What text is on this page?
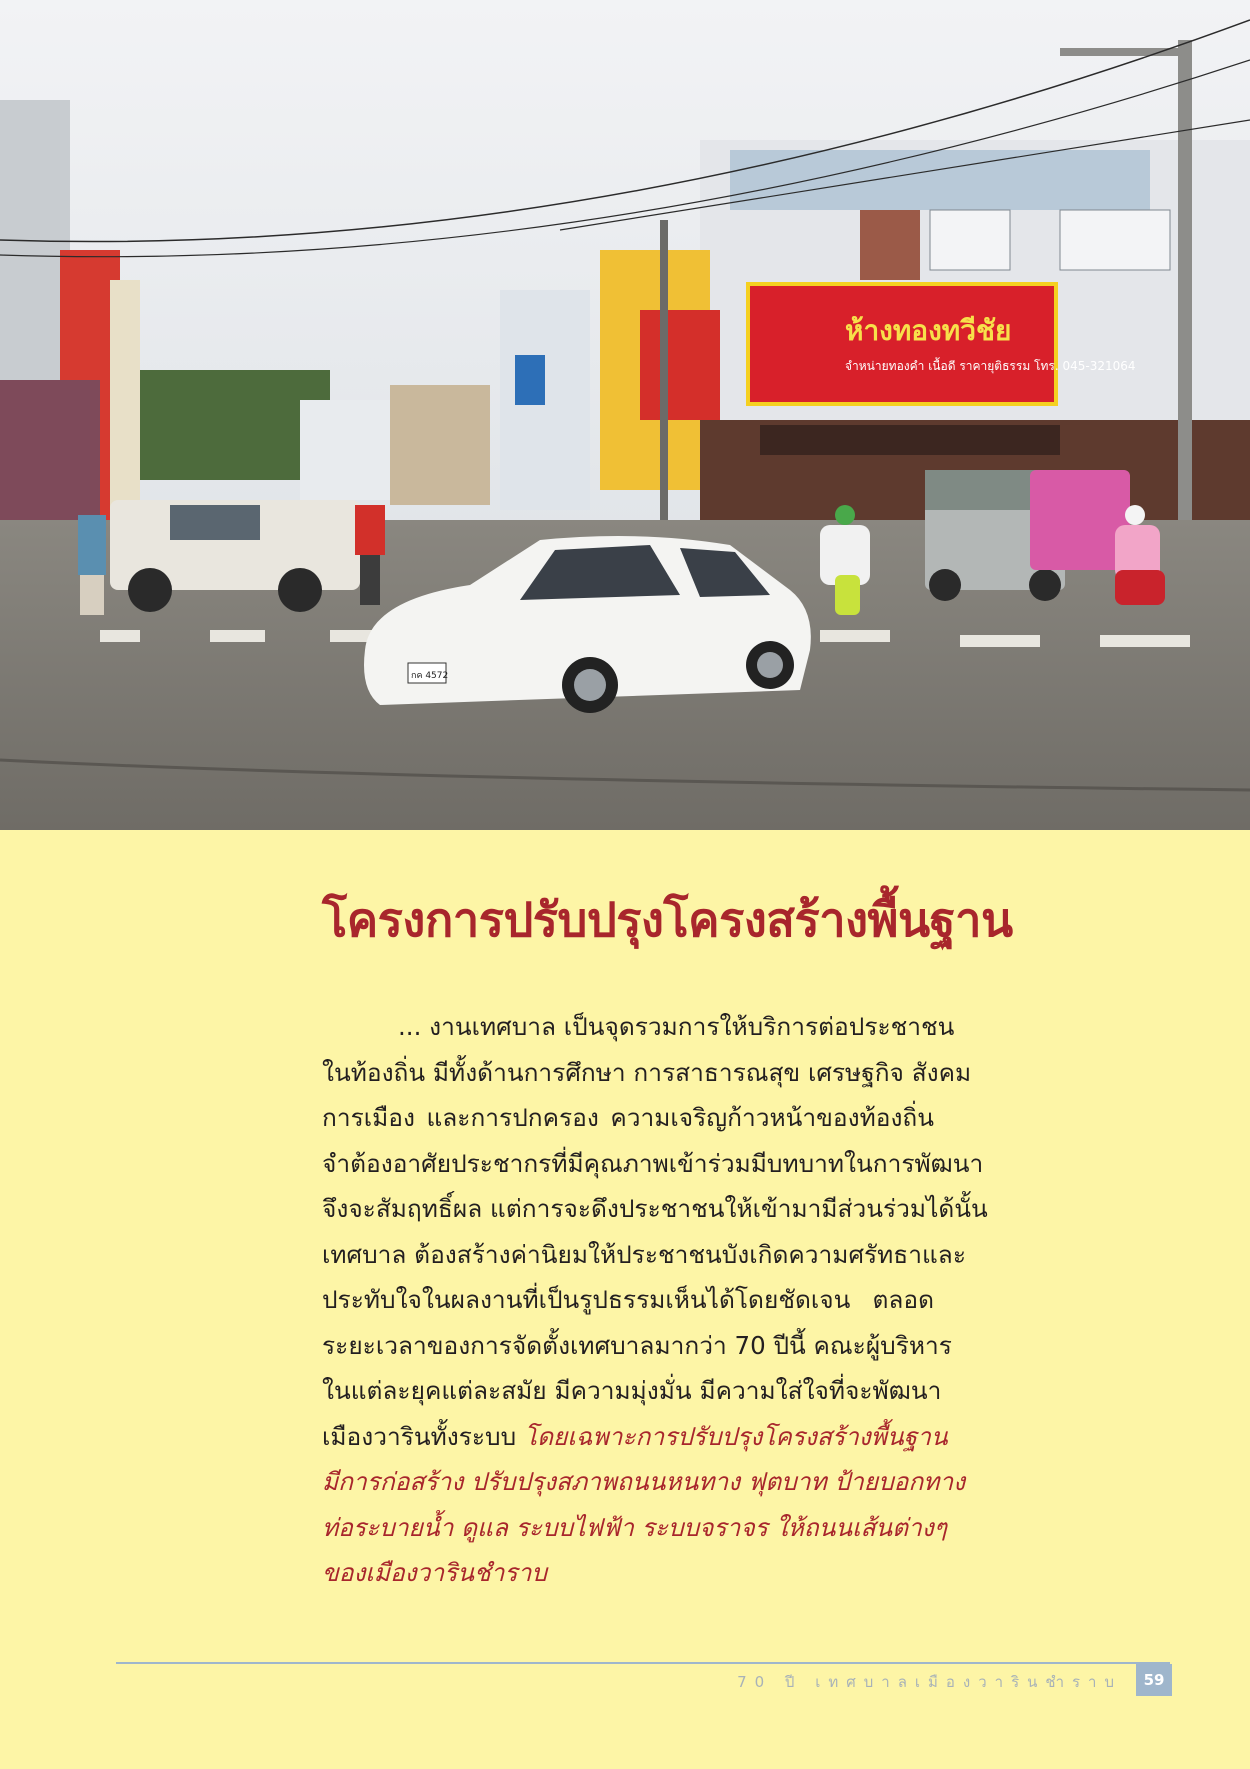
ห้างทองทวีชัย
จำหน่ายทองคำ เนื้อดี ราคายุติธรรม โทร. 045-321064
กค 4572
โครงการปรับปรุงโครงสร้างพื้นฐาน
... งานเทศบาล เป็นจุดรวมการให้บริการต่อประชาชน
ในท้องถิ่น มีทั้งด้านการศึกษา การสาธารณสุข เศรษฐกิจ สังคม
การเมือง และการปกครอง ความเจริญก้าวหน้าของท้องถิ่น
จำต้องอาศัยประชากรที่มีคุณภาพเข้าร่วมมีบทบาทในการพัฒนา
จึงจะสัมฤทธิ์ผล แต่การจะดึงประชาชนให้เข้ามามีส่วนร่วมได้นั้น
เทศบาล ต้องสร้างค่านิยมให้ประชาชนบังเกิดความศรัทธาและ
ประทับใจในผลงานที่เป็นรูปธรรมเห็นได้โดยชัดเจน ตลอด
ระยะเวลาของการจัดตั้งเทศบาลมากว่า 70 ปีนี้ คณะผู้บริหาร
ในแต่ละยุคแต่ละสมัย มีความมุ่งมั่น มีความใส่ใจที่จะพัฒนา
เมืองวารินทั้งระบบ โดยเฉพาะการปรับปรุงโครงสร้างพื้นฐาน
มีการก่อสร้าง ปรับปรุงสภาพถนนหนทาง ฟุตบาท ป้ายบอกทาง
ท่อระบายน้ำ ดูแล ระบบไฟฟ้า ระบบจราจร ให้ถนนเส้นต่างๆ
ของเมืองวารินชำราบ
70 ปี เทศบาลเมืองวารินชำราบ	59
